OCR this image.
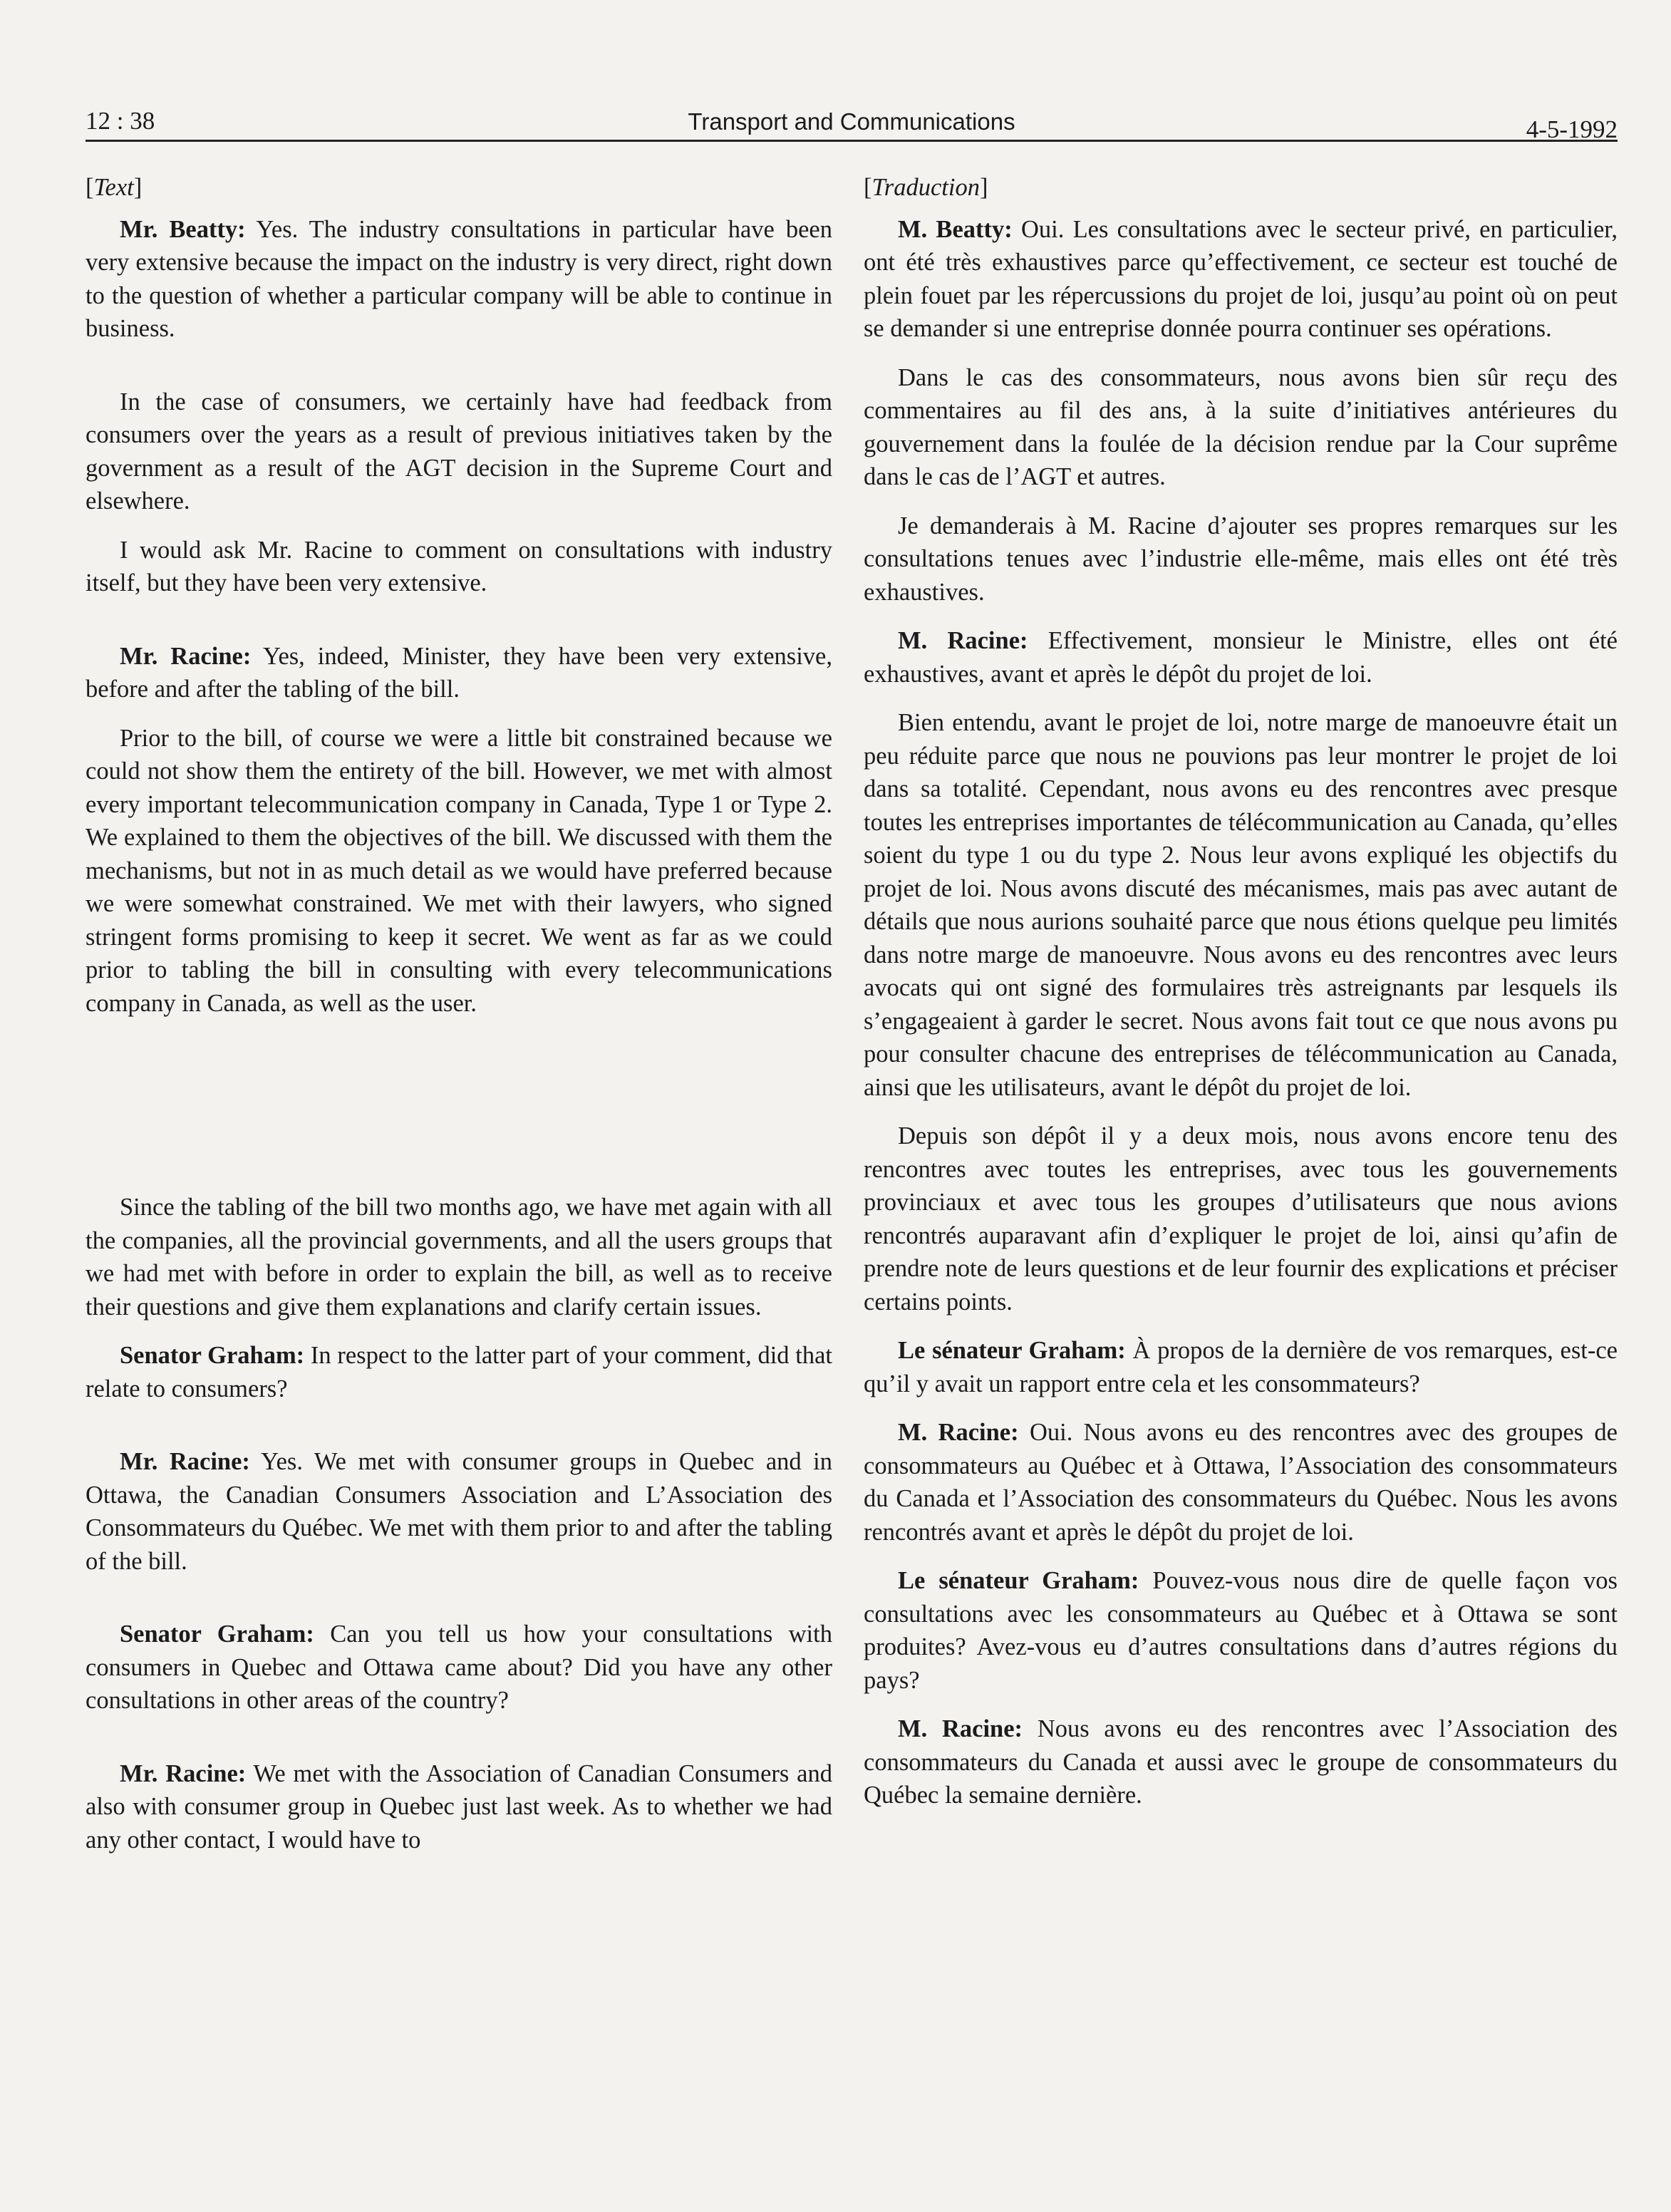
12 : 38	Transport and Communications	4-5-1992

[Text]

Mr. Beatty: Yes. The industry consultations in particular have been very extensive because the impact on the industry is very direct, right down to the question of whether a particular company will be able to continue in business.

In the case of consumers, we certainly have had feedback from consumers over the years as a result of previous initiatives taken by the government as a result of the AGT decision in the Supreme Court and elsewhere.

I would ask Mr. Racine to comment on consultations with industry itself, but they have been very extensive.

Mr. Racine: Yes, indeed, Minister, they have been very extensive, before and after the tabling of the bill.

Prior to the bill, of course we were a little bit constrained because we could not show them the entirety of the bill. However, we met with almost every important telecommunication company in Canada, Type 1 or Type 2. We explained to them the objectives of the bill. We discussed with them the mechanisms, but not in as much detail as we would have preferred because we were somewhat constrained. We met with their lawyers, who signed stringent forms promising to keep it secret. We went as far as we could prior to tabling the bill in consulting with every telecommunications company in Canada, as well as the user.

Since the tabling of the bill two months ago, we have met again with all the companies, all the provincial governments, and all the users groups that we had met with before in order to explain the bill, as well as to receive their questions and give them explanations and clarify certain issues.

Senator Graham: In respect to the latter part of your comment, did that relate to consumers?

Mr. Racine: Yes. We met with consumer groups in Quebec and in Ottawa, the Canadian Consumers Association and L’Association des Consommateurs du Québec. We met with them prior to and after the tabling of the bill.

Senator Graham: Can you tell us how your consultations with consumers in Quebec and Ottawa came about? Did you have any other consultations in other areas of the country?

Mr. Racine: We met with the Association of Canadian Consumers and also with consumer group in Quebec just last week. As to whether we had any other contact, I would have to

[Traduction]

M. Beatty: Oui. Les consultations avec le secteur privé, en particulier, ont été très exhaustives parce qu’effectivement, ce secteur est touché de plein fouet par les répercussions du projet de loi, jusqu’au point où on peut se demander si une entreprise donnée pourra continuer ses opérations.

Dans le cas des consommateurs, nous avons bien sûr reçu des commentaires au fil des ans, à la suite d’initiatives antérieures du gouvernement dans la foulée de la décision rendue par la Cour suprême dans le cas de l’AGT et autres.

Je demanderais à M. Racine d’ajouter ses propres remarques sur les consultations tenues avec l’industrie elle-même, mais elles ont été très exhaustives.

M. Racine: Effectivement, monsieur le Ministre, elles ont été exhaustives, avant et après le dépôt du projet de loi.

Bien entendu, avant le projet de loi, notre marge de manoeuvre était un peu réduite parce que nous ne pouvions pas leur montrer le projet de loi dans sa totalité. Cependant, nous avons eu des rencontres avec presque toutes les entreprises importantes de télécommunication au Canada, qu’elles soient du type 1 ou du type 2. Nous leur avons expliqué les objectifs du projet de loi. Nous avons discuté des mécanismes, mais pas avec autant de détails que nous aurions souhaité parce que nous étions quelque peu limités dans notre marge de manoeuvre. Nous avons eu des rencontres avec leurs avocats qui ont signé des formulaires très astreignants par lesquels ils s’engageaient à garder le secret. Nous avons fait tout ce que nous avons pu pour consulter chacune des entreprises de télécommunication au Canada, ainsi que les utilisateurs, avant le dépôt du projet de loi.

Depuis son dépôt il y a deux mois, nous avons encore tenu des rencontres avec toutes les entreprises, avec tous les gouvernements provinciaux et avec tous les groupes d’utilisateurs que nous avions rencontrés auparavant afin d’expliquer le projet de loi, ainsi qu’afin de prendre note de leurs questions et de leur fournir des explications et préciser certains points.

Le sénateur Graham: À propos de la dernière de vos remarques, est-ce qu’il y avait un rapport entre cela et les consommateurs?

M. Racine: Oui. Nous avons eu des rencontres avec des groupes de consommateurs au Québec et à Ottawa, l’Association des consommateurs du Canada et l’Association des consommateurs du Québec. Nous les avons rencontrés avant et après le dépôt du projet de loi.

Le sénateur Graham: Pouvez-vous nous dire de quelle façon vos consultations avec les consommateurs au Québec et à Ottawa se sont produites? Avez-vous eu d’autres consultations dans d’autres régions du pays?

M. Racine: Nous avons eu des rencontres avec l’Association des consommateurs du Canada et aussi avec le groupe de consommateurs du Québec la semaine dernière.
